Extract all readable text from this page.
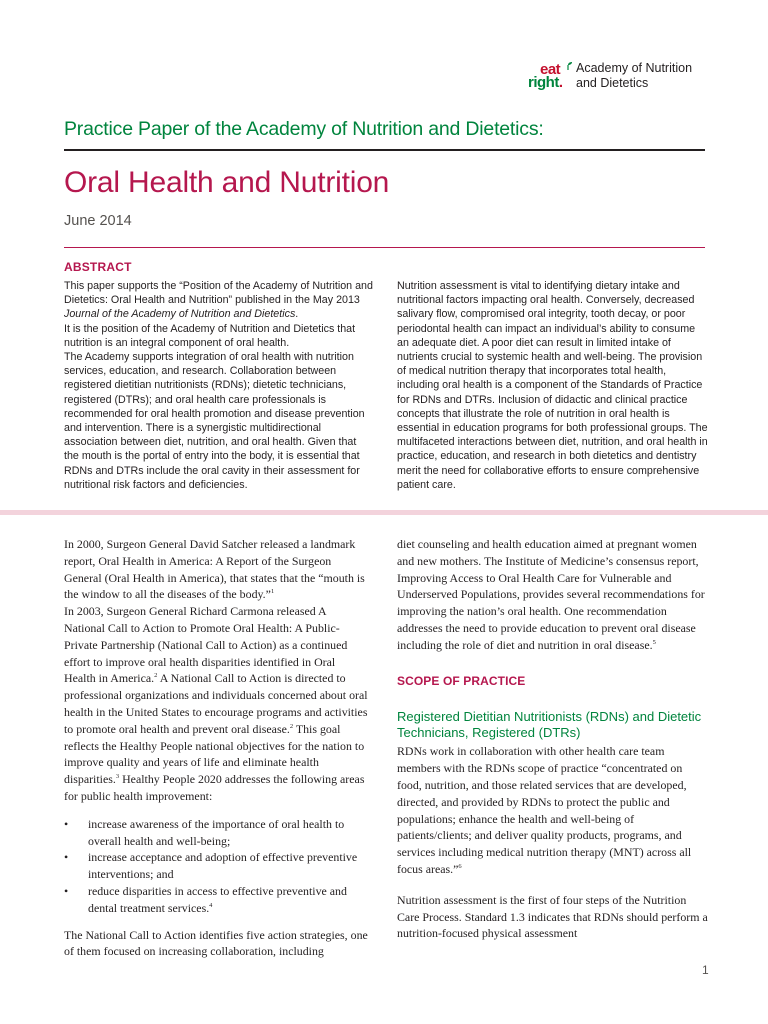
eat
right.
Academy of Nutrition
and Dietetics
Practice Paper of the Academy of Nutrition and Dietetics:
Oral Health and Nutrition
June 2014
ABSTRACT

This paper supports the “Position of the Academy of Nutrition and Dietetics: Oral Health and Nutrition” published in the May 2013 Journal of the Academy of Nutrition and Dietetics.

It is the position of the Academy of Nutrition and Dietetics that nutrition is an integral component of oral health.

The Academy supports integration of oral health with nutrition services, education, and research. Collaboration between registered dietitian nutritionists (RDNs); dietetic technicians, registered (DTRs); and oral health care professionals is recommended for oral health promotion and disease prevention and intervention. There is a synergistic multidirectional association between diet, nutrition, and oral health. Given that the mouth is the portal of entry into the body, it is essential that RDNs and DTRs include the oral cavity in their assessment for nutritional risk factors and deficiencies.

Nutrition assessment is vital to identifying dietary intake and nutritional factors impacting oral health. Conversely, decreased salivary flow, compromised oral integrity, tooth decay, or poor periodontal health can impact an individual’s ability to consume an adequate diet. A poor diet can result in limited intake of nutrients crucial to systemic health and well-being. The provision of medical nutrition therapy that incorporates total health, including oral health is a component of the Standards of Practice for RDNs and DTRs. Inclusion of didactic and clinical practice concepts that illustrate the role of nutrition in oral health is essential in education programs for both professional groups. The multifaceted interactions between diet, nutrition, and oral health in practice, education, and research in both dietetics and dentistry merit the need for collaborative efforts to ensure comprehensive patient care.

In 2000, Surgeon General David Satcher released a landmark report, Oral Health in America: A Report of the Surgeon General (Oral Health in America), that states that the “mouth is the window to all the diseases of the body.”$^1$

In 2003, Surgeon General Richard Carmona released A National Call to Action to Promote Oral Health: A Public-Private Partnership (National Call to Action) as a continued effort to improve oral health disparities identified in Oral Health in America.$^2$ A National Call to Action is directed to professional organizations and individuals concerned about oral health in the United States to encourage programs and activities to promote oral health and prevent oral disease.$^2$ This goal reflects the Healthy People national objectives for the nation to improve quality and years of life and eliminate health disparities.$^3$ Healthy People 2020 addresses the following areas for public health improvement:

• increase awareness of the importance of oral health to overall health and well-being;
• increase acceptance and adoption of effective preventive interventions; and
• reduce disparities in access to effective preventive and dental treatment services.$^4$

The National Call to Action identifies five action strategies, one of them focused on increasing collaboration, including

diet counseling and health education aimed at pregnant women and new mothers. The Institute of Medicine’s consensus report, Improving Access to Oral Health Care for Vulnerable and Underserved Populations, provides several recommendations for improving the nation’s oral health. One recommendation addresses the need to provide education to prevent oral disease including the role of diet and nutrition in oral disease.$^5$

SCOPE OF PRACTICE
Registered Dietitian Nutritionists (RDNs) and Dietetic Technicians, Registered (DTRs)

RDNs work in collaboration with other health care team members with the RDNs scope of practice “concentrated on food, nutrition, and those related services that are developed, directed, and provided by RDNs to protect the public and populations; enhance the health and well-being of patients/clients; and deliver quality products, programs, and services including medical nutrition therapy (MNT) across all focus areas.”$^6$

Nutrition assessment is the first of four steps of the Nutrition Care Process. Standard 1.3 indicates that RDNs should perform a nutrition-focused physical assessment

1
